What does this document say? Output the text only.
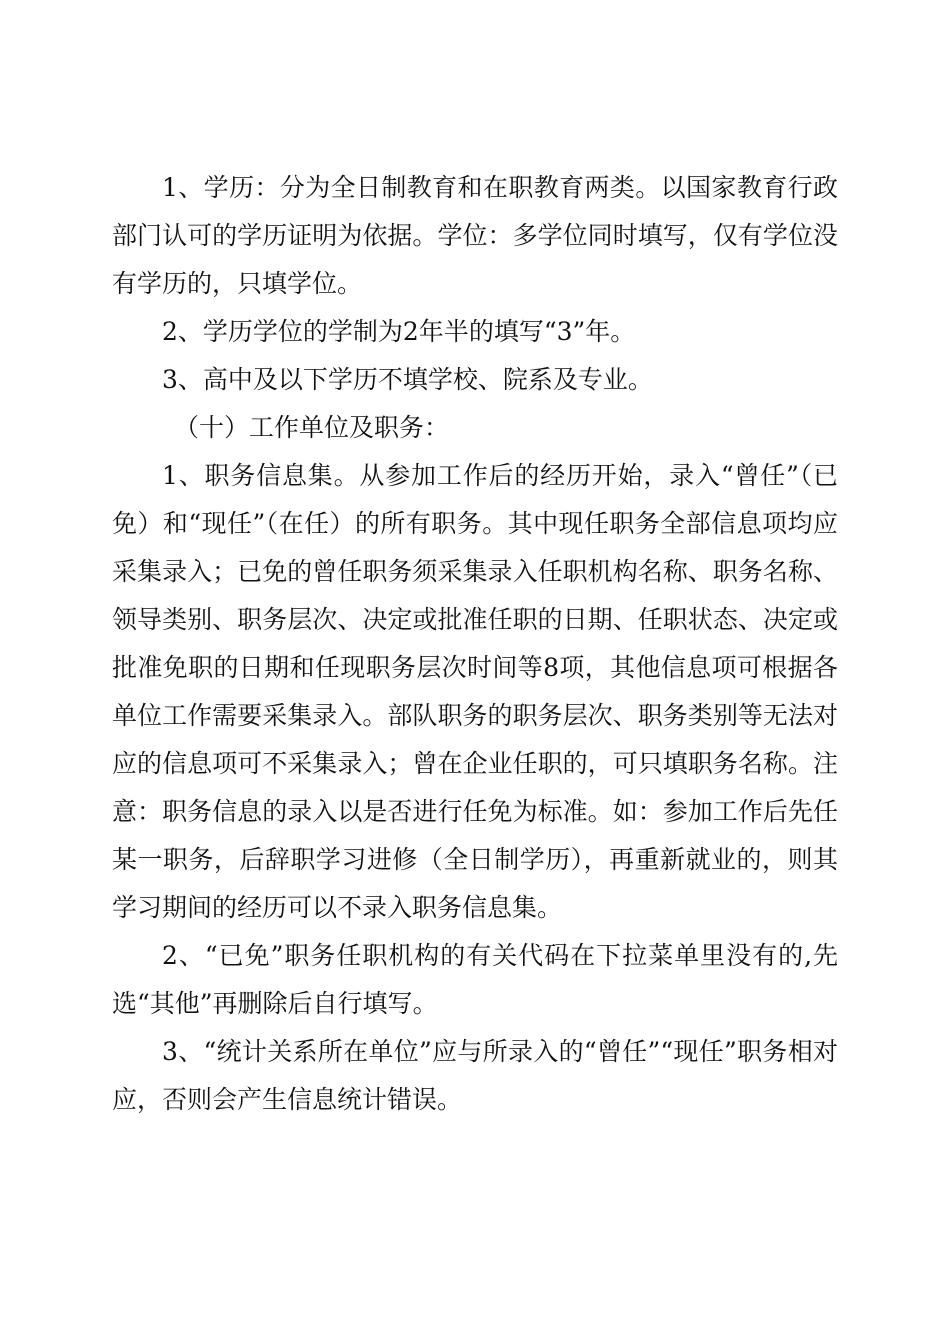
1、学历：分为全日制教育和在职教育两类。以国家教育行政部门认可的学历证明为依据。学位：多学位同时填写，仅有学位没有学历的，只填学位。

2、学历学位的学制为2年半的填写“3”年。

3、高中及以下学历不填学校、院系及专业。

（十）工作单位及职务：

1、职务信息集。从参加工作后的经历开始，录入“曾任”（已免）和“现任”（在任）的所有职务。其中现任职务全部信息项均应采集录入；已免的曾任职务须采集录入任职机构名称、职务名称、领导类别、职务层次、决定或批准任职的日期、任职状态、决定或批准免职的日期和任现职务层次时间等8项，其他信息项可根据各单位工作需要采集录入。部队职务的职务层次、职务类别等无法对应的信息项可不采集录入；曾在企业任职的，可只填职务名称。注意：职务信息的录入以是否进行任免为标准。如：参加工作后先任某一职务，后辞职学习进修（全日制学历），再重新就业的，则其学习期间的经历可以不录入职务信息集。

2、“已免”职务任职机构的有关代码在下拉菜单里没有的,先选“其他”再删除后自行填写。

3、“统计关系所在单位”应与所录入的“曾任”“现任”职务相对应，否则会产生信息统计错误。
